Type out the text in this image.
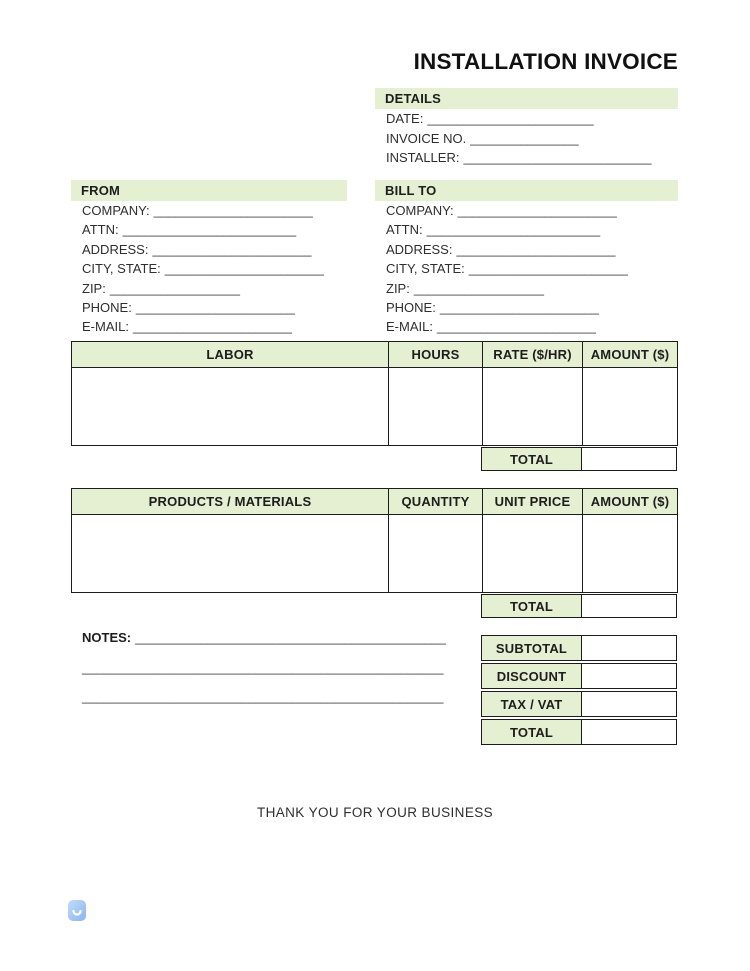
INSTALLATION INVOICE
DETAILS
DATE: _______________________
INVOICE NO. _______________
INSTALLER: __________________________
FROM
COMPANY: ______________________
ATTN: ________________________
ADDRESS: ______________________
CITY, STATE: ______________________
ZIP: __________________
PHONE: ______________________
E-MAIL: ______________________
BILL TO
COMPANY: ______________________
ATTN: ________________________
ADDRESS: ______________________
CITY, STATE: ______________________
ZIP: __________________
PHONE: ______________________
E-MAIL: ______________________
LABOR	HOURS	RATE ($/HR)	AMOUNT ($)

TOTAL
PRODUCTS / MATERIALS	QUANTITY	UNIT PRICE	AMOUNT ($)

TOTAL
NOTES: ___________________________________________
__________________________________________________
__________________________________________________
SUBTOTAL
DISCOUNT
TAX / VAT
TOTAL
THANK YOU FOR YOUR BUSINESS
